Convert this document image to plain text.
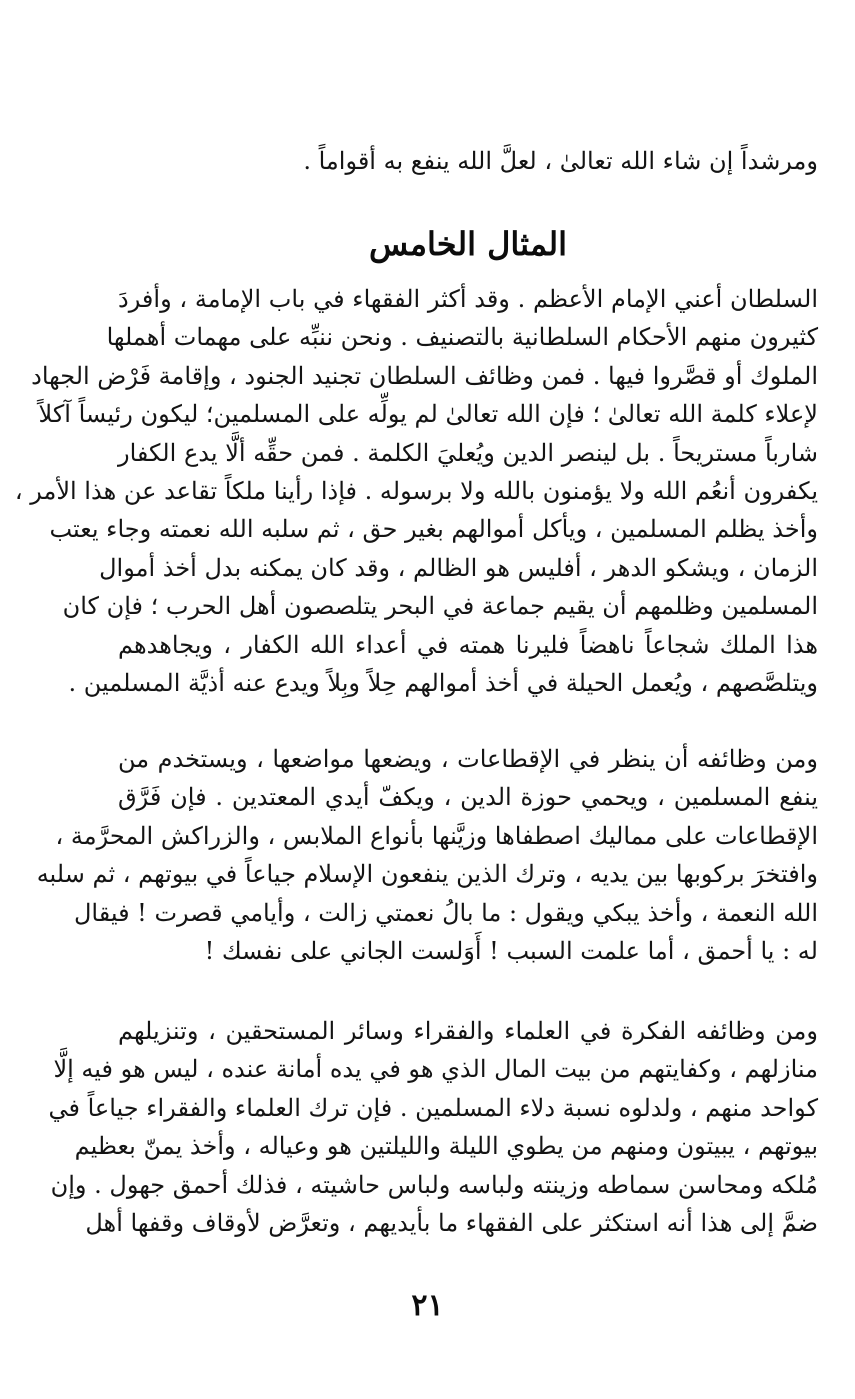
ومرشداً إن شاء الله تعالىٰ ، لعلَّ الله ينفع به أقواماً .
المثال الخامس
السلطان أعني الإمام الأعظم . وقد أكثر الفقهاء في باب الإمامة ، وأفردَ
كثيرون منهم الأحكام السلطانية بالتصنيف . ونحن ننبِّه على مهمات أهملها
الملوك أو قصَّروا فيها . فمن وظائف السلطان تجنيد الجنود ، وإقامة فَرْض الجهاد
لإعلاء كلمة الله تعالىٰ ؛ فإن الله تعالىٰ لم يولِّه على المسلمين؛ ليكون رئيساً آكلاً
شارباً مستريحاً . بل لينصر الدين ويُعليَ الكلمة . فمن حقِّه ألَّا يدع الكفار
يكفرون أنعُم الله ولا يؤمنون بالله ولا برسوله . فإذا رأينا ملكاً تقاعد عن هذا الأمر ،
وأخذ يظلم المسلمين ، ويأكل أموالهم بغير حق ، ثم سلبه الله نعمته وجاء يعتب
الزمان ، ويشكو الدهر ، أفليس هو الظالم ، وقد كان يمكنه بدل أخذ أموال
المسلمين وظلمهم أن يقيم جماعة في البحر يتلصصون أهل الحرب ؛ فإن كان
هذا الملك شجاعاً ناهضاً فليرنا همته في أعداء الله الكفار ، ويجاهدهم
ويتلصَّصهم ، ويُعمل الحيلة في أخذ أموالهم حِلاً وبِلاً ويدع عنه أذيَّة المسلمين .
ومن وظائفه أن ينظر في الإقطاعات ، ويضعها مواضعها ، ويستخدم من
ينفع المسلمين ، ويحمي حوزة الدين ، ويكفّ أيدي المعتدين . فإن فَرَّق
الإقطاعات على مماليك اصطفاها وزيَّنها بأنواع الملابس ، والزراكش المحرَّمة ،
وافتخرَ بركوبها بين يديه ، وترك الذين ينفعون الإسلام جياعاً في بيوتهم ، ثم سلبه
الله النعمة ، وأخذ يبكي ويقول : ما بالُ نعمتي زالت ، وأيامي قصرت ! فيقال
له : يا أحمق ، أما علمت السبب ! أَوَلست الجاني على نفسك !
ومن وظائفه الفكرة في العلماء والفقراء وسائر المستحقين ، وتنزيلهم
منازلهم ، وكفايتهم من بيت المال الذي هو في يده أمانة عنده ، ليس هو فيه إلَّا
كواحد منهم ، ولدلوه نسبة دلاء المسلمين . فإن ترك العلماء والفقراء جياعاً في
بيوتهم ، يبيتون ومنهم من يطوي الليلة والليلتين هو وعياله ، وأخذ يمنّ بعظيم
مُلكه ومحاسن سماطه وزينته ولباسه ولباس حاشيته ، فذلك أحمق جهول . وإن
ضمَّ إلى هذا أنه استكثر على الفقهاء ما بأيديهم ، وتعرَّض لأوقاف وقفها أهل
٢١
